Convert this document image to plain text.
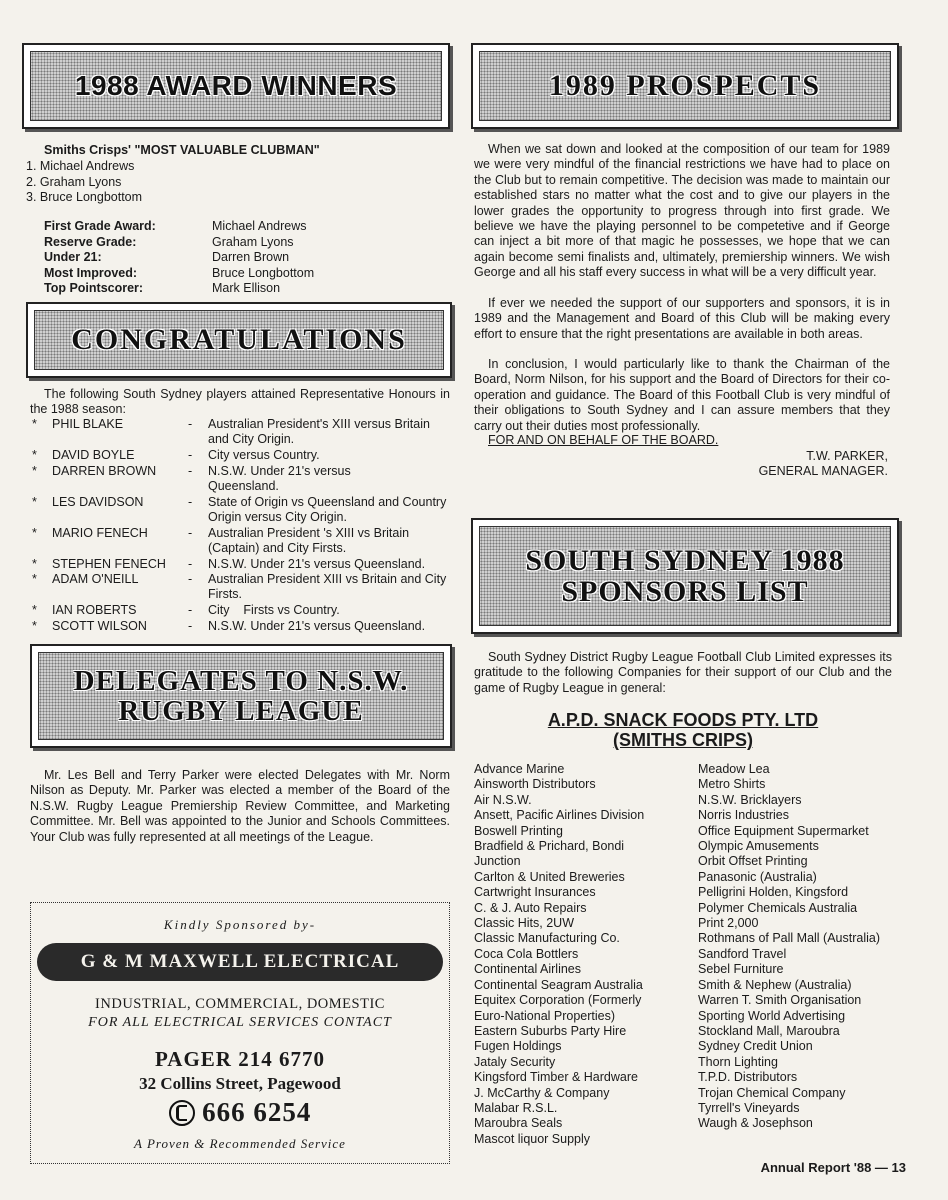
1988 AWARD WINNERS
Smiths Crisps' "MOST VALUABLE CLUBMAN"
1. Michael Andrews
2. Graham Lyons
3. Bruce Longbottom
First Grade Award:	Michael Andrews
Reserve Grade:	Graham Lyons
Under 21:	Darren Brown
Most Improved:	Bruce Longbottom
Top Pointscorer:	Mark Ellison
CONGRATULATIONS
The following South Sydney players attained Representative Honours in the 1988 season:
*	PHIL BLAKE	-	Australian President's XIII versus Britain and City Origin.
*	DAVID BOYLE	-	City versus Country.
*	DARREN BROWN	-	N.S.W. Under 21's versus Queensland.
*	LES DAVIDSON	-	State of Origin vs Queensland and Country Origin versus City Origin.
*	MARIO FENECH	-	Australian President 's XIII vs Britain (Captain) and City Firsts.
*	STEPHEN FENECH -	N.S.W. Under 21's versus Queensland.
*	ADAM O'NEILL	-	Australian President XIII vs Britain and City Firsts.
*	IAN ROBERTS	-	City    Firsts vs Country.
*	SCOTT WILSON	-	N.S.W. Under 21's versus Queensland.
DELEGATES TO N.S.W.
RUGBY LEAGUE
Mr. Les Bell and Terry Parker were elected Delegates with Mr. Norm Nilson as Deputy. Mr. Parker was elected a member of the Board of the N.S.W. Rugby League Premiership Review Committee, and Marketing Committee. Mr. Bell was appointed to the Junior and Schools Committees. Your Club was fully represented at all meetings of the League.
Kindly Sponsored by-
G & M MAXWELL ELECTRICAL
INDUSTRIAL, COMMERCIAL, DOMESTIC
FOR ALL ELECTRICAL SERVICES CONTACT
PAGER 214 6770
32 Collins Street, Pagewood
666 6254
A Proven & Recommended Service
1989 PROSPECTS
When we sat down and looked at the composition of our team for 1989 we were very mindful of the financial restrictions we have had to place on the Club but to remain competitive. The decision was made to maintain our established stars no matter what the cost and to give our players in the lower grades the opportunity to progress through into first grade. We believe we have the playing personnel to be competetive and if George can inject a bit more of that magic he possesses, we hope that we can again become semi finalists and, ultimately, premiership winners. We wish George and all his staff every success in what will be a very difficult year.
If ever we needed the support of our supporters and sponsors, it is in 1989 and the Management and Board of this Club will be making every effort to ensure that the right presentations are available in both areas.
In conclusion, I would particularly like to thank the Chairman of the Board, Norm Nilson, for his support and the Board of Directors for their co-operation and guidance. The Board of this Football Club is very mindful of their obligations to South Sydney and I can assure members that they carry out their duties most professionally.
FOR AND ON BEHALF OF THE BOARD.
T.W. PARKER,
GENERAL MANAGER.
SOUTH SYDNEY 1988
SPONSORS LIST
South Sydney District Rugby League Football Club Limited expresses its gratitude to the following Companies for their support of our Club and the game of Rugby League in general:
A.P.D. SNACK FOODS PTY. LTD
(SMITHS CRIPS)
Advance Marine
Ainsworth Distributors
Air N.S.W.
Ansett, Pacific Airlines Division
Boswell Printing
Bradfield & Prichard, Bondi
Junction
Carlton & United Breweries
Cartwright Insurances
C. & J. Auto Repairs
Classic Hits, 2UW
Classic Manufacturing Co.
Coca Cola Bottlers
Continental Airlines
Continental Seagram Australia
Equitex Corporation (Formerly
Euro-National Properties)
Eastern Suburbs Party Hire
Fugen Holdings
Jataly Security
Kingsford Timber & Hardware
J. McCarthy & Company
Malabar R.S.L.
Maroubra Seals
Mascot liquor Supply
Meadow Lea
Metro Shirts
N.S.W. Bricklayers
Norris Industries
Office Equipment Supermarket
Olympic Amusements
Orbit Offset Printing
Panasonic (Australia)
Pelligrini Holden, Kingsford
Polymer Chemicals Australia
Print 2,000
Rothmans of Pall Mall (Australia)
Sandford Travel
Sebel Furniture
Smith & Nephew (Australia)
Warren T. Smith Organisation
Sporting World Advertising
Stockland Mall, Maroubra
Sydney Credit Union
Thorn Lighting
T.P.D. Distributors
Trojan Chemical Company
Tyrrell's Vineyards
Waugh & Josephson
Annual Report '88 — 13
